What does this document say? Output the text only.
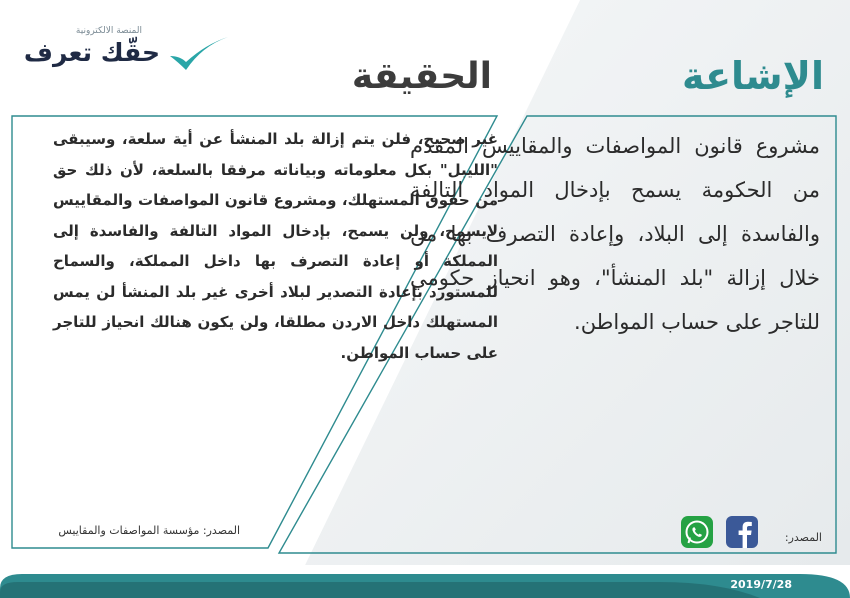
المنصة الالكترونية
حقّك تعرف
الإشاعة
الحقيقة
مشروع قانون المواصفات والمقاييس المقدم من الحكومة يسمح بإدخال المواد التالفة والفاسدة إلى البلاد، وإعادة التصرف بها من خلال إزالة "بلد المنشأ"، وهو انحياز حكومي للتاجر على حساب المواطن.
غير صحيح، فلن يتم إزالة بلد المنشأ عن أية سلعة، وسيبقى "الليبل" بكل معلوماته وبياناته مرفقا بالسلعة، لأن ذلك حق من حقوق المستهلك، ومشروع قانون المواصفات والمقاييس لايسمح، ولن يسمح، بإدخال المواد التالفة والفاسدة إلى المملكة أو إعادة التصرف بها داخل المملكة، والسماح للمستورد بإعادة التصدير لبلاد أخرى غير بلد المنشأ لن يمس المستهلك داخل الاردن مطلقا، ولن يكون هنالك انحياز للتاجر على حساب المواطن.
المصدر: مؤسسة المواصفات والمقاييس
المصدر:
2019/7/28
